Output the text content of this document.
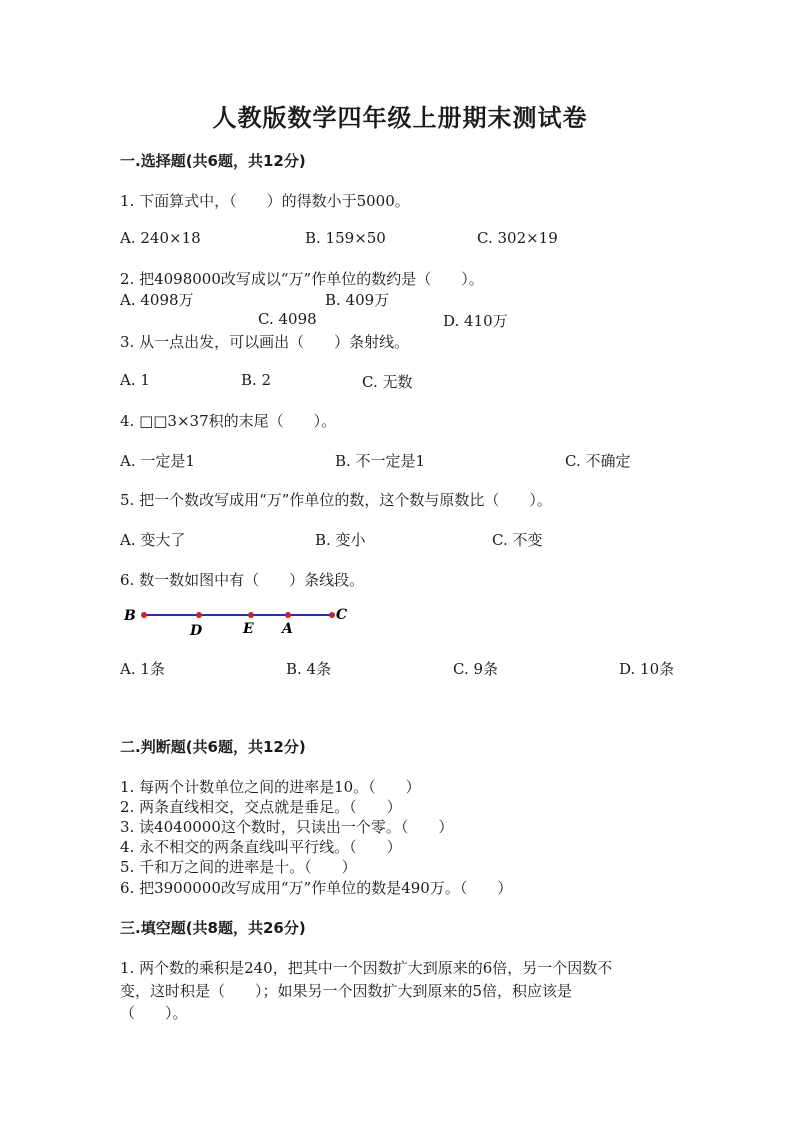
人教版数学四年级上册期末测试卷
一.选择题(共6题，共12分)
1. 下面算式中，（　　）的得数小于5000。
A. 240×18	B. 159×50	C. 302×19
2. 把4098000改写成以“万”作单位的数约是（　　）。
A. 4098万	B. 409万
C. 4098	D. 410万
3. 从一点出发，可以画出（　　）条射线。
A. 1	B. 2	C. 无数
4. □□3×37积的末尾（　　）。
A. 一定是1	B. 不一定是1	C. 不确定
5. 把一个数改写成用“万”作单位的数，这个数与原数比（　　）。
A. 变大了	B. 变小	C. 不变
6. 数一数如图中有（　　）条线段。
B
D	E A
C
A. 1条	B. 4条	C. 9条	D. 10条
二.判断题(共6题，共12分)
1. 每两个计数单位之间的进率是10。（　　）
2. 两条直线相交，交点就是垂足。（　　）
3. 读4040000这个数时，只读出一个零。（　　）
4. 永不相交的两条直线叫平行线。（　　）
5. 千和万之间的进率是十。（　　）
6. 把3900000改写成用“万”作单位的数是490万。（　　）
三.填空题(共8题，共26分)
1. 两个数的乘积是240，把其中一个因数扩大到原来的6倍，另一个因数不
变，这时积是（　　）；如果另一个因数扩大到原来的5倍，积应该是
（　　）。
